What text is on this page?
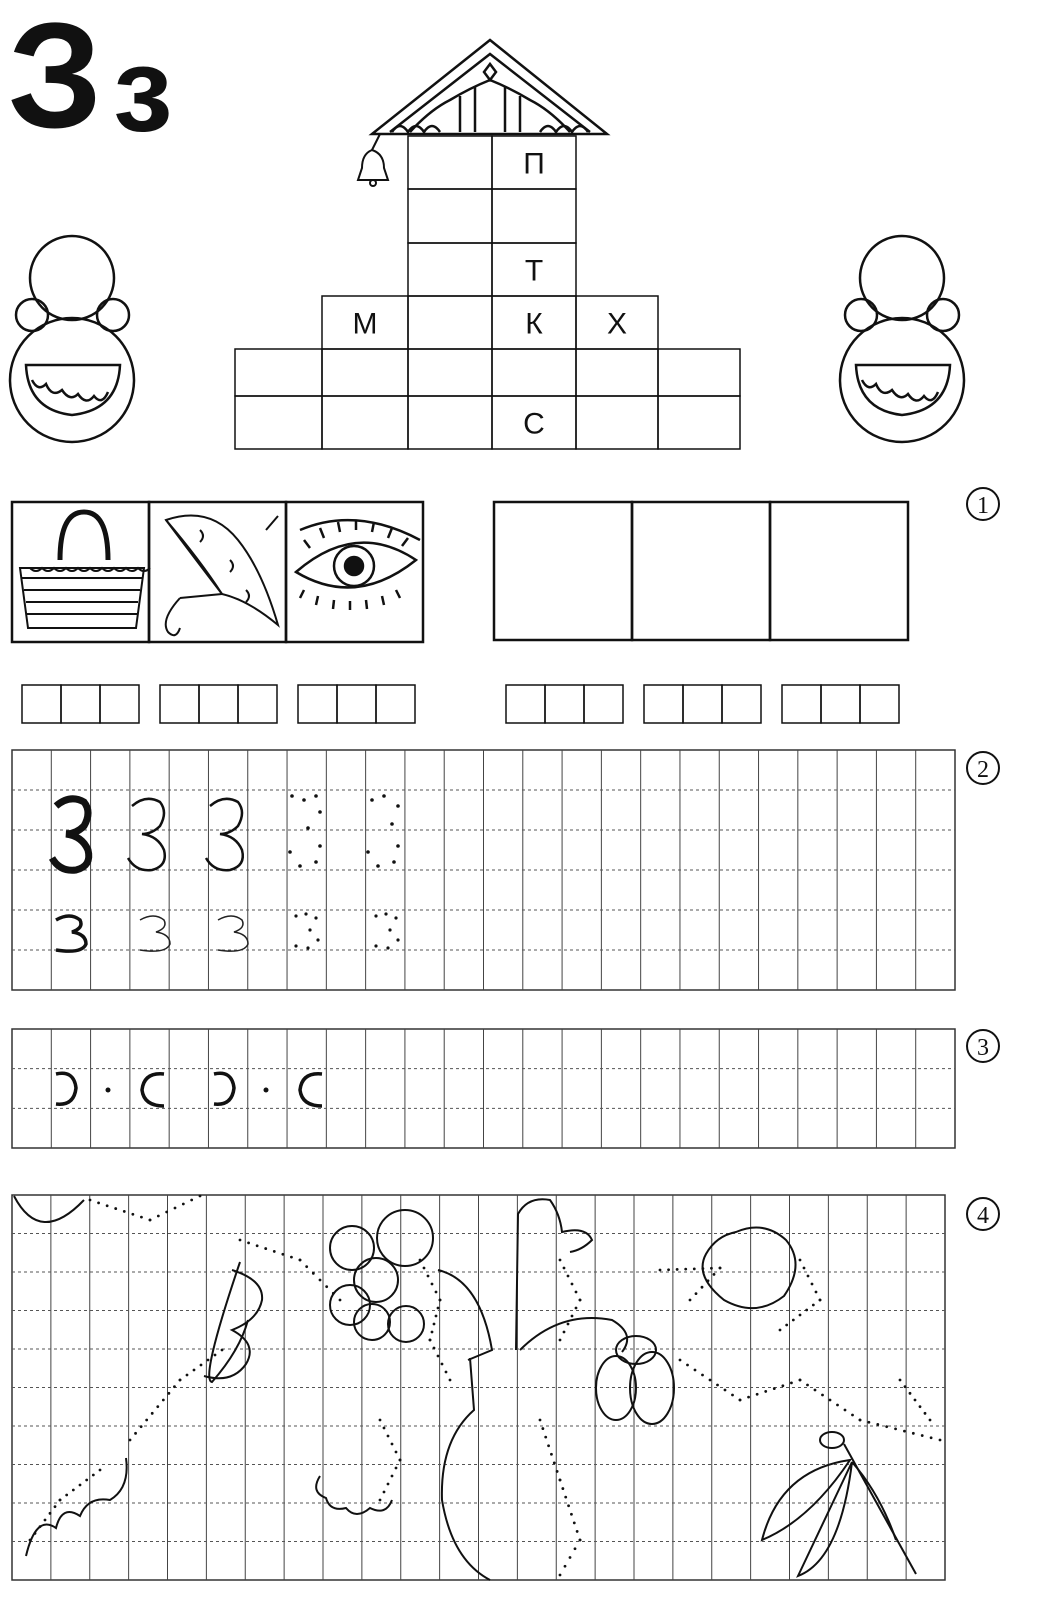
З з
П
Т
М	К Х
С
1
2
3
4
